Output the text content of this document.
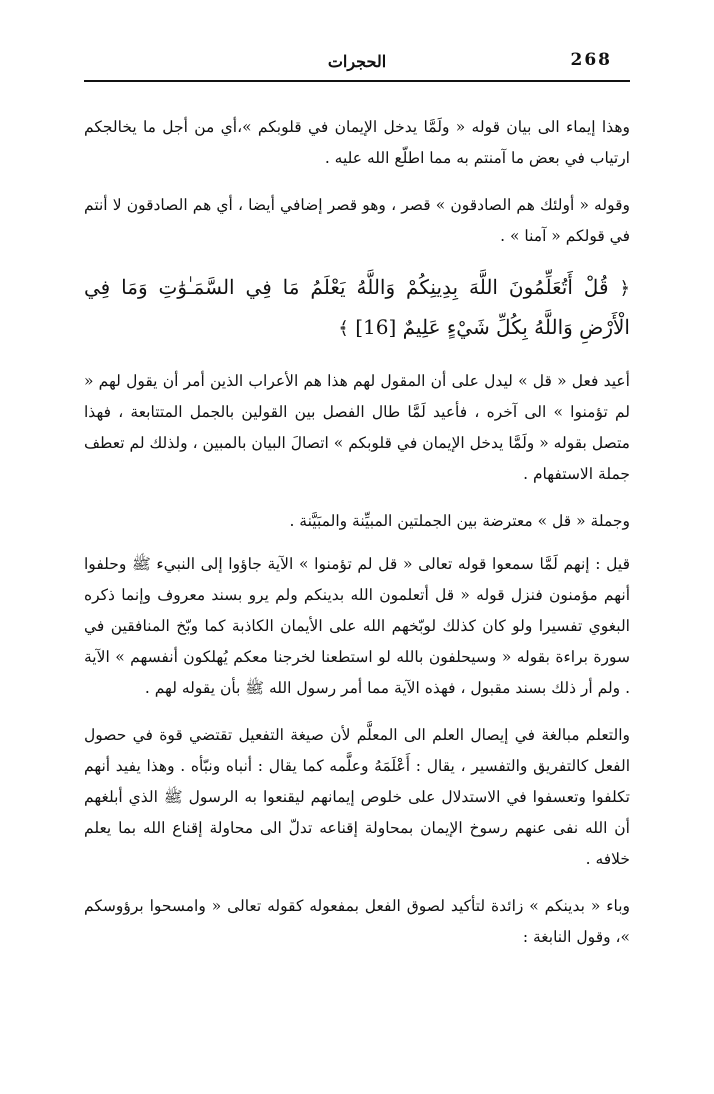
268
الحجرات

وهذا إيماء الى بيان قوله « ولَمَّا يدخل الإيمان في قلوبكم »،أي من أجل ما يخالجكم ارتياب في بعض ما آمنتم به مما اطلّع الله عليه .

وقوله « أولئك هم الصادقون » قصر ، وهو قصر إضافي أيضا ، أي هم الصادقون لا أنتم في قولكم « آمنا » .

﴿ قُلْ أَتُعَلِّمُونَ اللَّهَ بِدِينِكُمْ وَاللَّهُ يَعْلَمُ مَا فِي السَّمَـٰوَٰتِ وَمَا فِي الْأَرْضِ وَاللَّهُ بِكُلِّ شَيْءٍ عَلِيمٌ [16] ﴾

أعيد فعل « قل » ليدل على أن المقول لهم هذا هم الأعراب الذين أمر أن يقول لهم « لم تؤمنوا » الى آخره ، فأعيد لَمَّا طال الفصل بين القولين بالجمل المتتابعة ، فهذا متصل بقوله « ولَمَّا يدخل الإيمان في قلوبكم » اتصالَ البيان بالمبين ، ولذلك لم تعطف جملة الاستفهام .

وجملة « قل » معترضة بين الجملتين المبيِّنة والمبَيَّنة .

قيل : إنهم لَمَّا سمعوا قوله تعالى « قل لم تؤمنوا » الآية جاؤوا إلى النبيء ﷺ وحلفوا أنهم مؤمنون فنزل قوله « قل أتعلمون الله بدينكم ولم يرو بسند معروف وإنما ذكره البغوي تفسيرا ولو كان كذلك لوبّخهم الله على الأيمان الكاذبة كما وبّخ المنافقين في سورة براءة بقوله « وسيحلفون بالله لو استطعنا لخرجنا معكم يُهلكون أنفسهم » الآية . ولم أر ذلك بسند مقبول ، فهذه الآية مما أمر رسول الله ﷺ بأن يقوله لهم .

والتعلم مبالغة في إيصال العلم الى المعلَّم لأن صيغة التفعيل تقتضي قوة في حصول الفعل كالتفريق والتفسير ، يقال : أَعْلَمَهُ وعلَّمه كما يقال : أنباه ونبّأه . وهذا يفيد أنهم تكلفوا وتعسفوا في الاستدلال على خلوص إيمانهم ليقنعوا به الرسول ﷺ الذي أبلغهم أن الله نفى عنهم رسوخ الإيمان بمحاولة إقناعه تدلّ الى محاولة إقناع الله بما يعلم خلافه .

وباء « بدينكم » زائدة لتأكيد لصوق الفعل بمفعوله كقوله تعالى « وامسحوا برؤوسكم »، وقول النابغة :
